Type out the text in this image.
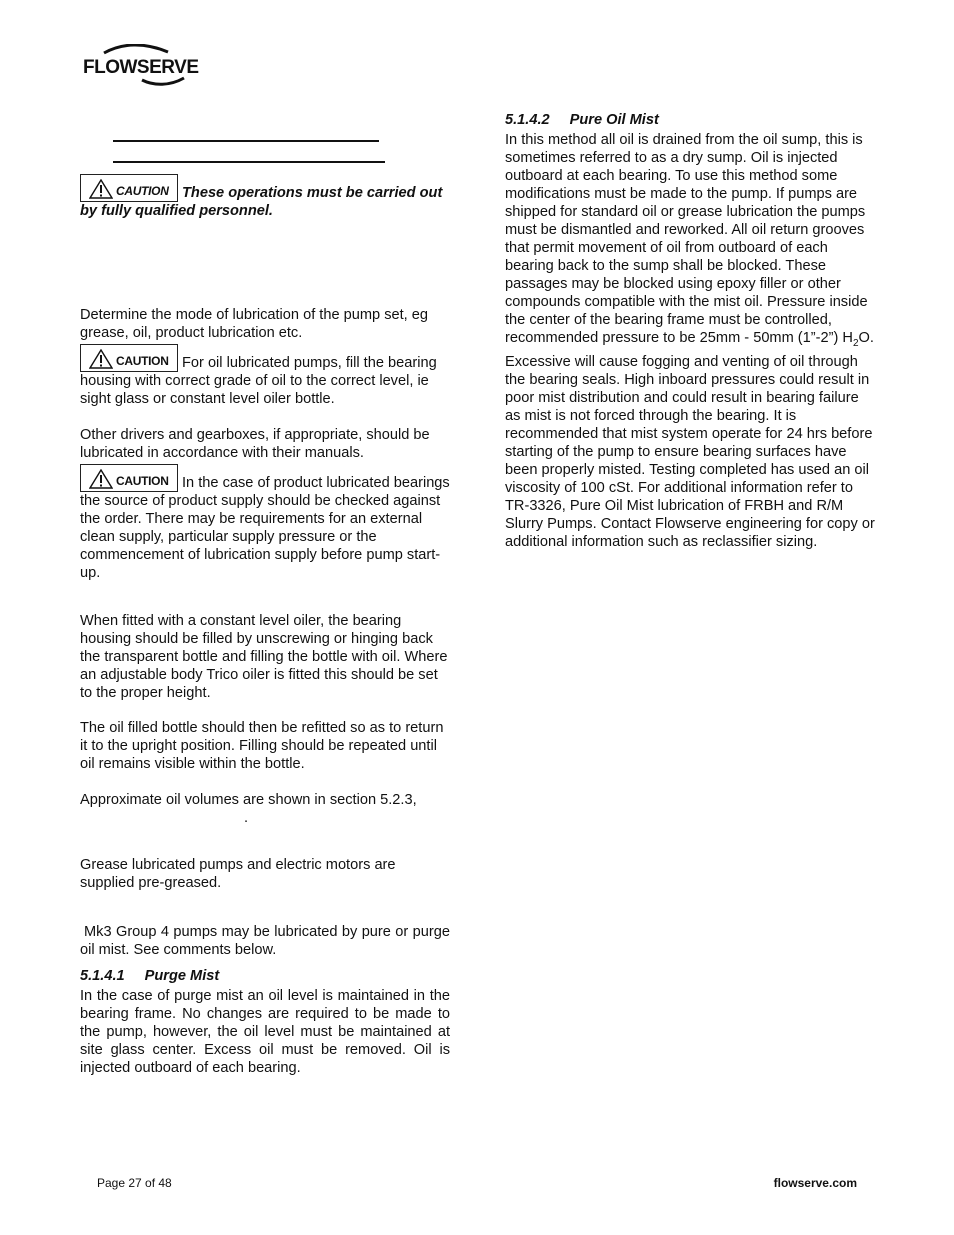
FLOWSERVE

CAUTION These operations must be carried out by fully qualified personnel.

Determine the mode of lubrication of the pump set, eg grease, oil, product lubrication etc.

CAUTION For oil lubricated pumps, fill the bearing housing with correct grade of oil to the correct level, ie sight glass or constant level oiler bottle.

Other drivers and gearboxes, if appropriate, should be lubricated in accordance with their manuals.

CAUTION In the case of product lubricated bearings the source of product supply should be checked against the order. There may be requirements for an external clean supply, particular supply pressure or the commencement of lubrication supply before pump start-up.

When fitted with a constant level oiler, the bearing housing should be filled by unscrewing or hinging back the transparent bottle and filling the bottle with oil. Where an adjustable body Trico oiler is fitted this should be set to the proper height.

The oil filled bottle should then be refitted so as to return it to the upright position. Filling should be repeated until oil remains visible within the bottle.

Approximate oil volumes are shown in section 5.2.3,

.

Grease lubricated pumps and electric motors are supplied pre-greased.

Mk3 Group 4 pumps may be lubricated by pure or purge oil mist. See comments below.

5.1.4.1 Purge Mist

In the case of purge mist an oil level is maintained in the bearing frame. No changes are required to be made to the pump, however, the oil level must be maintained at site glass center. Excess oil must be removed. Oil is injected outboard of each bearing.

5.1.4.2 Pure Oil Mist

In this method all oil is drained from the oil sump, this is sometimes referred to as a dry sump. Oil is injected outboard at each bearing. To use this method some modifications must be made to the pump. If pumps are shipped for standard oil or grease lubrication the pumps must be dismantled and reworked. All oil return grooves that permit movement of oil from outboard of each bearing back to the sump shall be blocked. These passages may be blocked using epoxy filler or other compounds compatible with the mist oil. Pressure inside the center of the bearing frame must be controlled, recommended pressure to be 25mm - 50mm (1”-2”) $H_2O$. Excessive will cause fogging and venting of oil through the bearing seals. High inboard pressures could result in poor mist distribution and could result in bearing failure as mist is not forced through the bearing. It is recommended that mist system operate for 24 hrs before starting of the pump to ensure bearing surfaces have been properly misted. Testing completed has used an oil viscosity of 100 cSt. For additional information refer to TR-3326, Pure Oil Mist lubrication of FRBH and R/M Slurry Pumps. Contact Flowserve engineering for copy or additional information such as reclassifier sizing.

Page 27 of 48	flowserve.com
